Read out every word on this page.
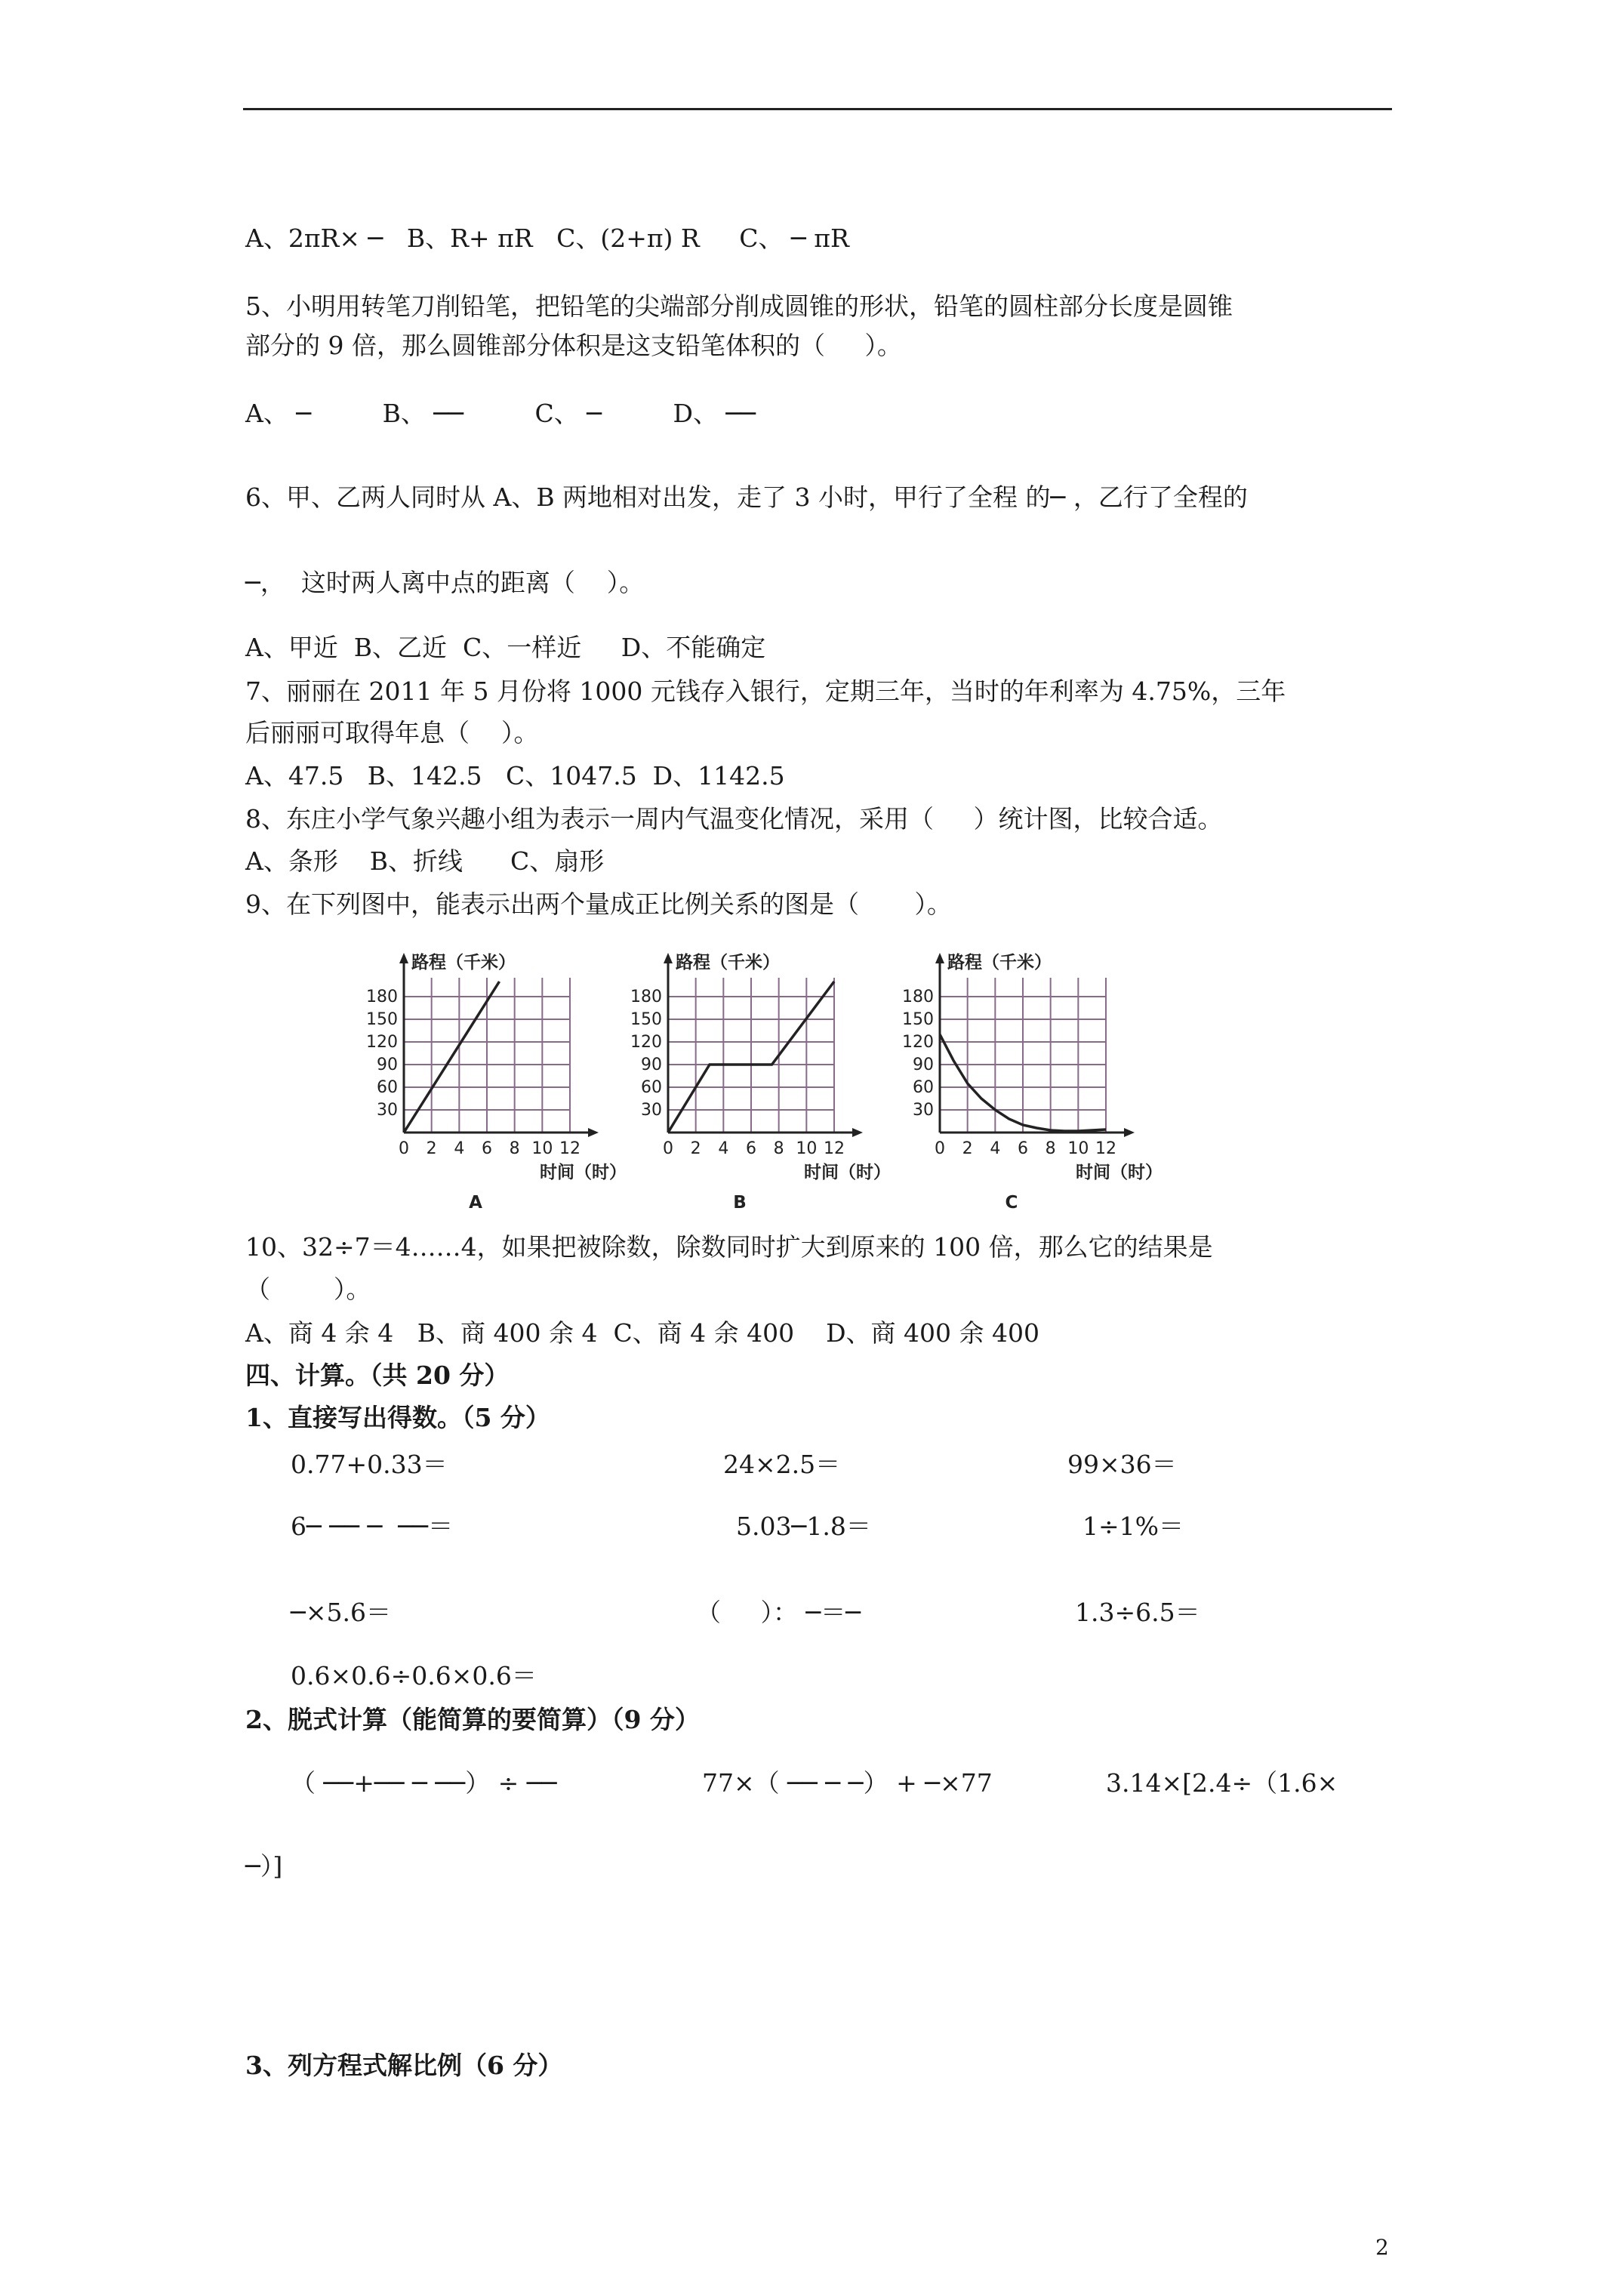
A、2πR× ─   B、R+ πR   C、(2+π) R     C、 ─ πR

5、小明用转笔刀削铅笔，把铅笔的尖端部分削成圆锥的形状，铅笔的圆柱部分长度是圆锥

部分的 9 倍，那么圆锥部分体积是这支铅笔体积的（     ）。

A、 ─         B、 ──         C、 ─         D、 ──

6、甲、乙两人同时从 A、B 两地相对出发，走了 3 小时，甲行了全程 的─ ，乙行了全程的

─，  这时两人离中点的距离（    ）。

A、甲近  B、乙近  C、一样近     D、不能确定

7、丽丽在 2011 年 5 月份将 1000 元钱存入银行，定期三年，当时的年利率为 4.75%，三年

后丽丽可取得年息（    ）。

A、47.5   B、142.5   C、1047.5  D、1142.5

8、东庄小学气象兴趣小组为表示一周内气温变化情况，采用（     ）统计图，比较合适。

A、条形    B、折线      C、扇形

9、在下列图中，能表示出两个量成正比例关系的图是（       ）。

30
60
90
120
150
180
0 2 4 6 8 10 12
路程（千米）
时间（时）
A
30
60
90
120
150
180
0 2 4 6 8 10 12
路程（千米）
时间（时）
B
30
60
90
120
150
180
0 2 4 6 8 10 12
路程（千米）
时间（时）
C

10、32÷7＝4……4，如果把被除数，除数同时扩大到原来的 100 倍，那么它的结果是

（        ）。

A、商 4 余 4   B、商 400 余 4  C、商 4 余 400    D、商 400 余 400

四、计算。（共 20 分）

1、直接写出得数。（5 分）

0.77+0.33＝	24×2.5＝	99×36＝

6─ ── ─  ──＝	5.03─1.8＝	1÷1%＝

─×5.6＝	（     ）： ─＝─	1.3÷6.5＝

0.6×0.6÷0.6×0.6＝

2、脱式计算（能简算的要简算）（9 分）

（ ──+── ─ ──） ÷ ──	77×（ ── ─ ─） + ─×77	3.14×[2.4÷（1.6×

─）]

3、列方程式解比例（6 分）

2
